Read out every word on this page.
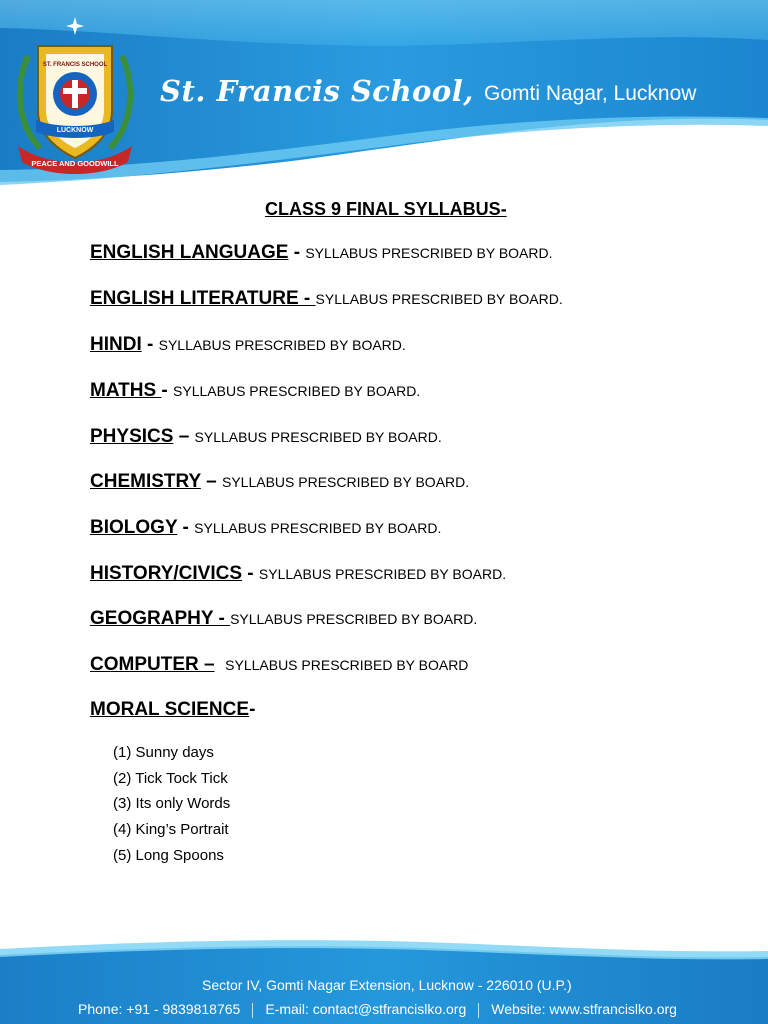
LUCKNOW
PEACE AND GOODWILL
ST. FRANCIS SCHOOL
St. Francis School, Gomti Nagar, Lucknow
CLASS 9 FINAL SYLLABUS-
ENGLISH LANGUAGE - SYLLABUS PRESCRIBED BY BOARD.
ENGLISH LITERATURE - SYLLABUS PRESCRIBED BY BOARD.
HINDI - SYLLABUS PRESCRIBED BY BOARD.
MATHS - SYLLABUS PRESCRIBED BY BOARD.
PHYSICS – SYLLABUS PRESCRIBED BY BOARD.
CHEMISTRY – SYLLABUS PRESCRIBED BY BOARD.
BIOLOGY - SYLLABUS PRESCRIBED BY BOARD.
HISTORY/CIVICS - SYLLABUS PRESCRIBED BY BOARD.
GEOGRAPHY - SYLLABUS PRESCRIBED BY BOARD.
COMPUTER – SYLLABUS PRESCRIBED BY BOARD
MORAL SCIENCE-
(1) Sunny days
(2) Tick Tock Tick
(3) Its only Words
(4) King’s Portrait
(5) Long Spoons
Sector IV, Gomti Nagar Extension, Lucknow - 226010 (U.P.)
Phone: +91 - 9839818765 E-mail: contact@stfrancislko.org Website: www.stfrancislko.org
